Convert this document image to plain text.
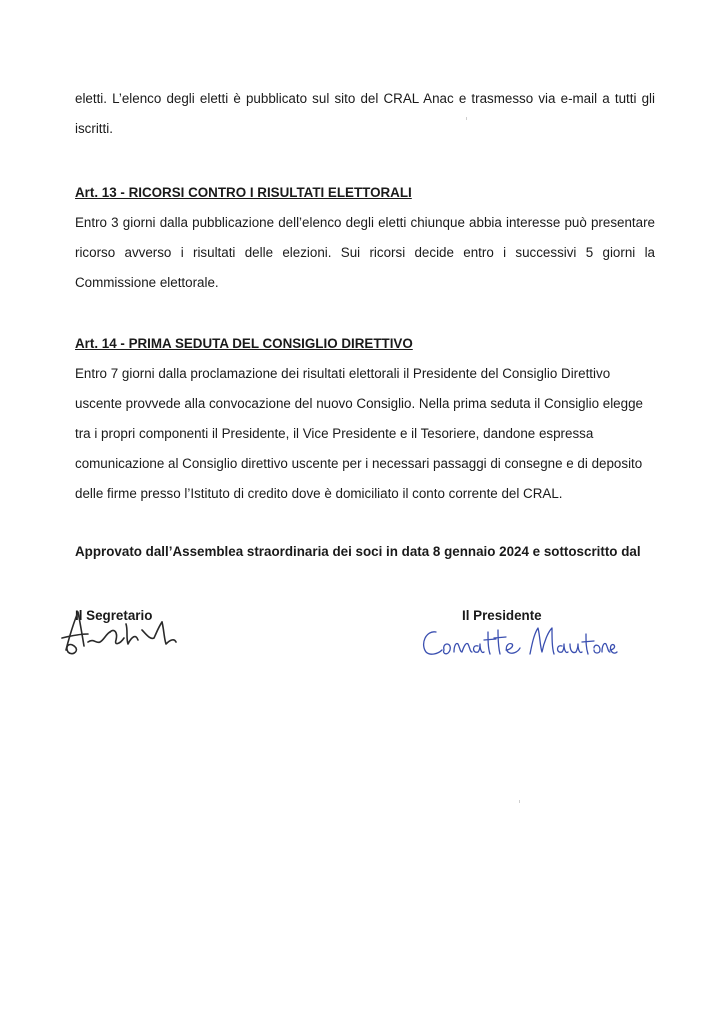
eletti. L’elenco degli eletti è pubblicato sul sito del CRAL Anac e trasmesso via e-mail a tutti gli iscritti.

Art. 13 - RICORSI CONTRO I RISULTATI ELETTORALI

Entro 3 giorni dalla pubblicazione dell’elenco degli eletti chiunque abbia interesse può presentare ricorso avverso i risultati delle elezioni. Sui ricorsi decide entro i successivi 5 giorni la Commissione elettorale.

Art. 14 - PRIMA SEDUTA DEL CONSIGLIO DIRETTIVO

Entro 7 giorni dalla proclamazione dei risultati elettorali il Presidente del Consiglio Direttivo uscente provvede alla convocazione del nuovo Consiglio. Nella prima seduta il Consiglio elegge tra i propri componenti il Presidente, il Vice Presidente e il Tesoriere, dandone espressa comunicazione al Consiglio direttivo uscente per i necessari passaggi di consegne e di deposito delle firme presso l’Istituto di credito dove è domiciliato il conto corrente del CRAL.

Approvato dall’Assemblea straordinaria dei soci in data 8 gennaio 2024 e sottoscritto dal

Il Segretario	Il Presidente
